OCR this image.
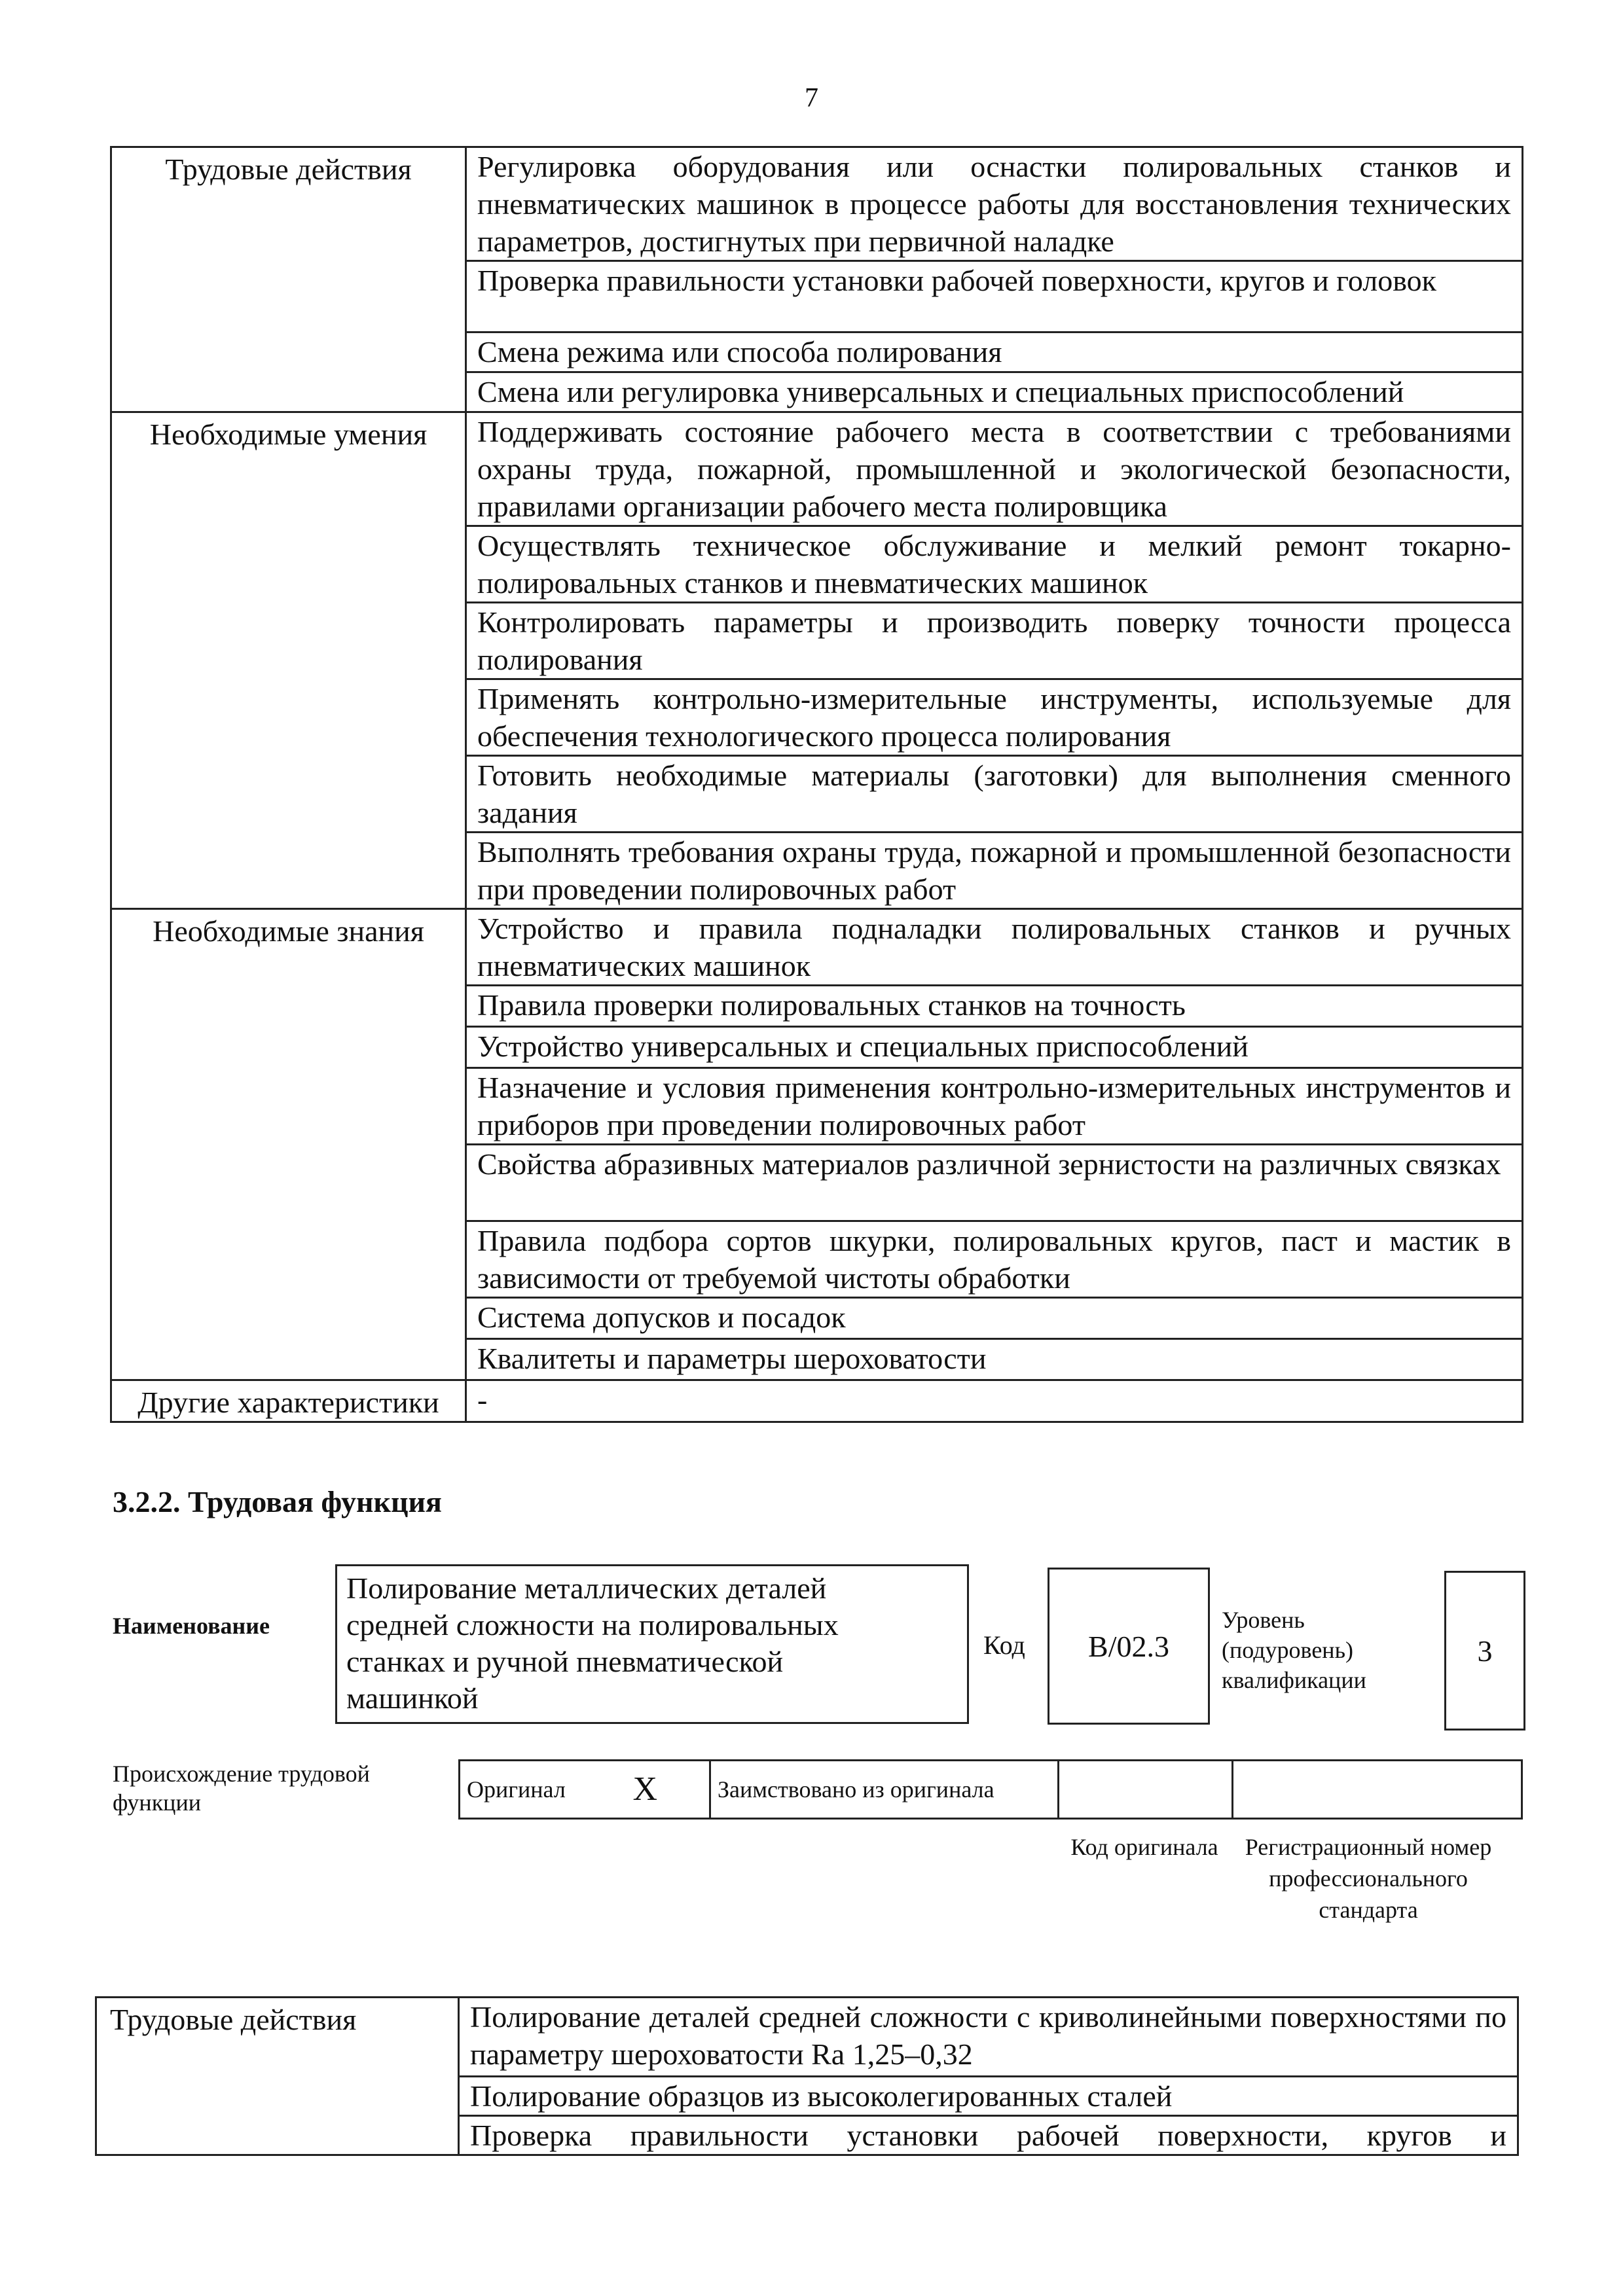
7
Трудовые действия	Регулировка оборудования или оснастки полировальных станков и пневматических машинок в процессе работы для восстановления технических параметров, достигнутых при первичной наладке
	Проверка правильности установки рабочей поверхности, кругов и головок
	Смена режима или способа полирования
	Смена или регулировка универсальных и специальных приспособлений
Необходимые умения	Поддерживать состояние рабочего места в соответствии с требованиями охраны труда, пожарной, промышленной и экологической безопасности, правилами организации рабочего места полировщика
	Осуществлять техническое обслуживание и мелкий ремонт токарно-полировальных станков и пневматических машинок
	Контролировать параметры и производить поверку точности процесса полирования
	Применять контрольно-измерительные инструменты, используемые для обеспечения технологического процесса полирования
	Готовить необходимые материалы (заготовки) для выполнения сменного задания
	Выполнять требования охраны труда, пожарной и промышленной безопасности при проведении полировочных работ
Необходимые знания	Устройство и правила подналадки полировальных станков и ручных пневматических машинок
	Правила проверки полировальных станков на точность
	Устройство универсальных и специальных приспособлений
	Назначение и условия применения контрольно-измерительных инструментов и приборов при проведении полировочных работ
	Свойства абразивных материалов различной зернистости на различных связках
	Правила подбора сортов шкурки, полировальных кругов, паст и мастик в зависимости от требуемой чистоты обработки
	Система допусков и посадок
	Квалитеты и параметры шероховатости
Другие характеристики	-
3.2.2. Трудовая функция
Наименование
Полирование металлических деталей средней сложности на полировальных станках и ручной пневматической машинкой
Код	B/02.3
Уровень (подуровень) квалификации
3
Происхождение трудовой функции	Оригинал	X	Заимствовано из оригинала		
Код оригинала	Регистрационный номер профессионального стандарта
Трудовые действия	Полирование деталей средней сложности с криволинейными поверхностями по параметру шероховатости Ra 1,25–0,32
Полирование образцов из высоколегированных сталей
Проверка правильности установки рабочей поверхности, кругов и
